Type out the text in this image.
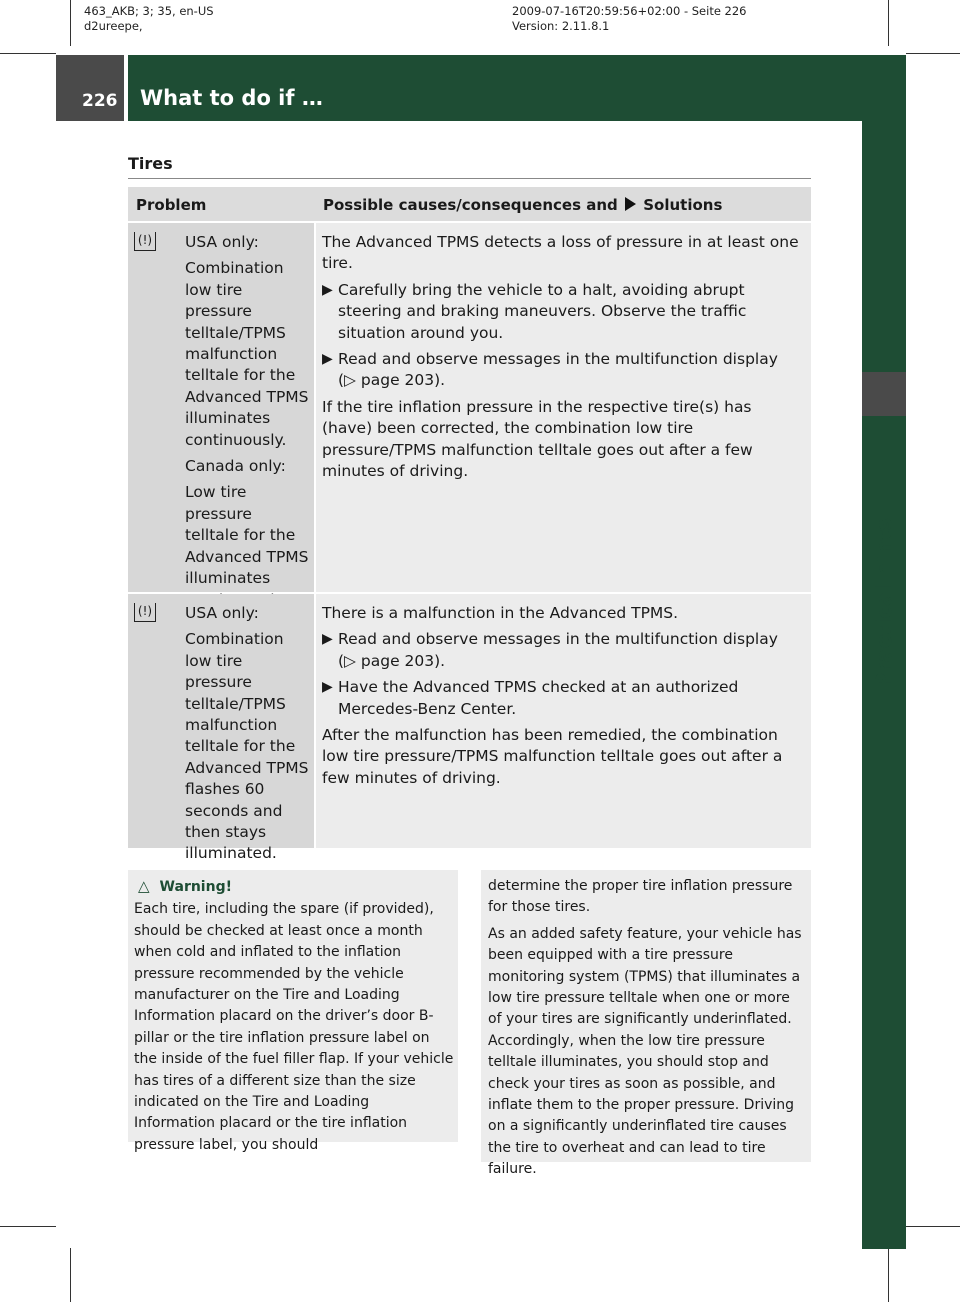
463_AKB; 3; 35, en-US
d2ureepe,
2009-07-16T20:59:56+02:00 - Seite 226
Version: 2.11.8.1
226 What to do if …
Practical hints
Tires
Problem	Possible causes/consequences and Solutions
(!) USA only:

Combination low tire pressure telltale/TPMS malfunction telltale for the Advanced TPMS illuminates continuously.

Canada only:

Low tire pressure telltale for the Advanced TPMS illuminates

The Advanced TPMS detects a loss of pressure in at least one tire.

▶ Carefully bring the vehicle to a halt, avoiding abrupt steering and braking maneuvers. Observe the traffic situation around you.

▶ Read and observe messages in the multifunction display
(▷ page 203).

If the tire inflation pressure in the respective tire(s) has (have) been corrected, the combination low tire pressure/TPMS malfunction telltale goes out after a few minutes of driving.

(!) USA only:

Combination low tire pressure telltale/TPMS malfunction telltale for the Advanced TPMS flashes 60 seconds and then stays illuminated.

There is a malfunction in the Advanced TPMS.

▶ Read and observe messages in the multifunction display
(▷ page 203).

▶ Have the Advanced TPMS checked at an authorized Mercedes-Benz Center.

After the malfunction has been remedied, the combination low tire pressure/TPMS malfunction telltale goes out after a few minutes of driving.

△ Warning!

Each tire, including the spare (if provided), should be checked at least once a month when cold and inflated to the inflation pressure recommended by the vehicle manufacturer on the Tire and Loading Information placard on the driver’s door B-pillar or the tire inflation pressure label on the inside of the fuel filler flap. If your vehicle has tires of a different size than the size indicated on the Tire and Loading Information placard or the tire inflation pressure label, you should

determine the proper tire inflation pressure for those tires.

As an added safety feature, your vehicle has been equipped with a tire pressure monitoring system (TPMS) that illuminates a low tire pressure telltale when one or more of your tires are significantly underinflated. Accordingly, when the low tire pressure telltale illuminates, you should stop and check your tires as soon as possible, and inflate them to the proper pressure. Driving on a significantly underinflated tire causes the tire to overheat and can lead to tire failure.
